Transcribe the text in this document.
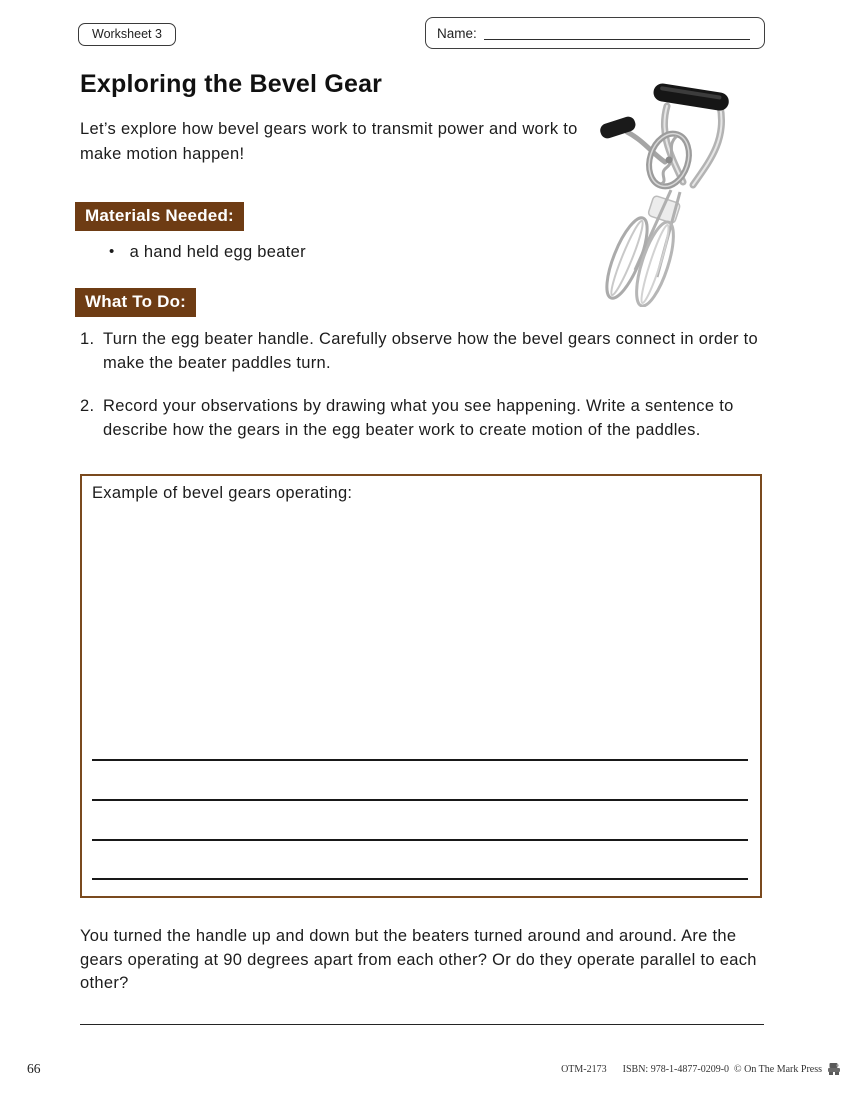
Worksheet 3	Name:
Exploring the Bevel Gear

Let’s explore how bevel gears work to transmit power and work to make motion happen!

Materials Needed:
• a hand held egg beater
What To Do:
1. Turn the egg beater handle. Carefully observe how the bevel gears connect in order to make the beater paddles turn.
2. Record your observations by drawing what you see happening. Write a sentence to describe how the gears in the egg beater work to create motion of the paddles.
Example of bevel gears operating:

You turned the handle up and down but the beaters turned around and around. Are the gears operating at 90 degrees apart from each other? Or do they operate parallel to each other?

66	OTM-2173 ISBN: 978-1-4877-0209-0 © On The Mark Press
